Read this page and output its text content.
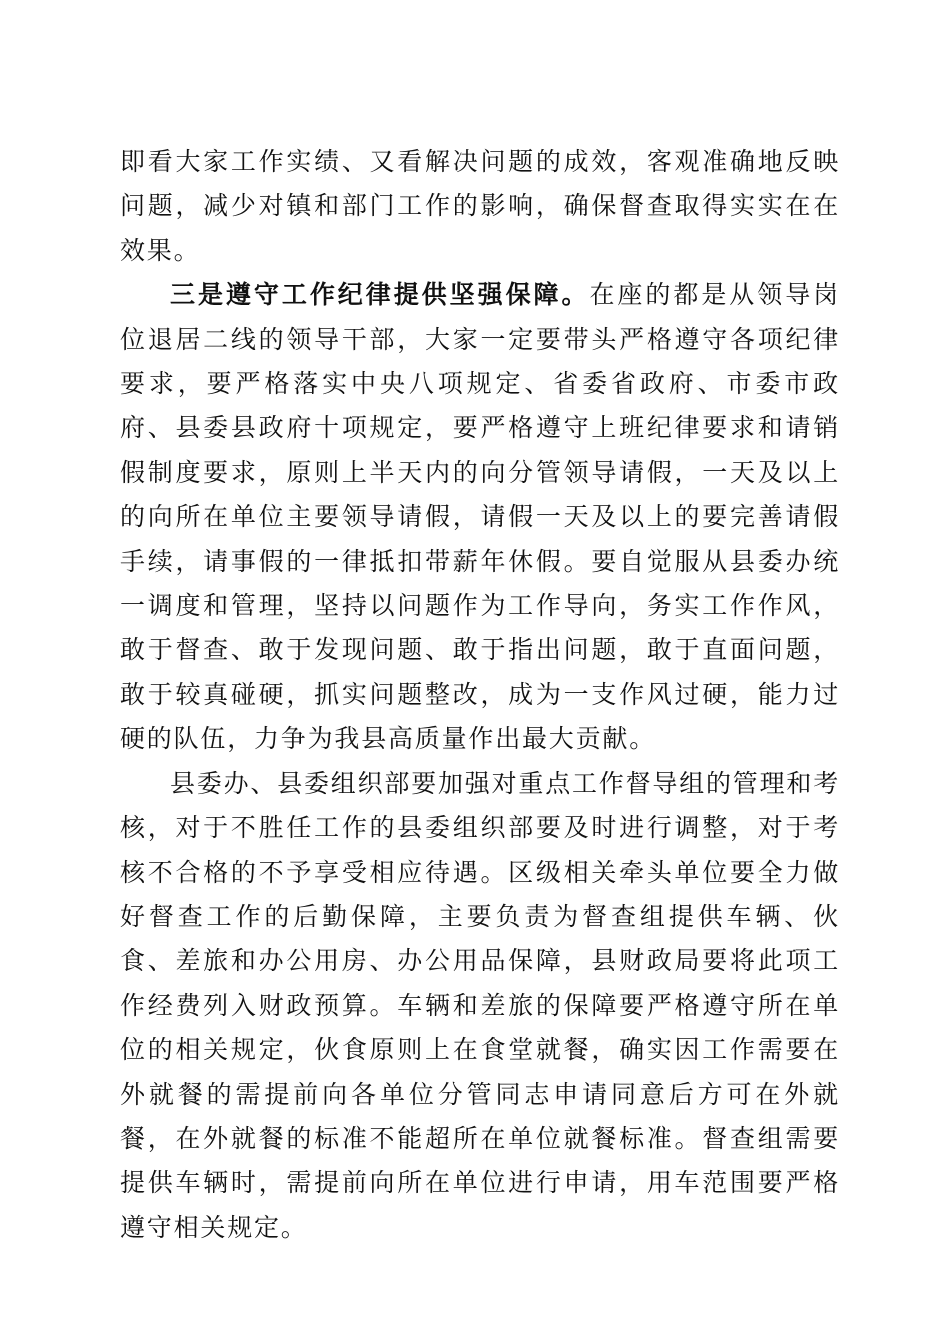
即看大家工作实绩、又看解决问题的成效，客观准确地反映问题，减少对镇和部门工作的影响，确保督查取得实实在在效果。

三是遵守工作纪律提供坚强保障。在座的都是从领导岗位退居二线的领导干部，大家一定要带头严格遵守各项纪律要求，要严格落实中央八项规定、省委省政府、市委市政府、县委县政府十项规定，要严格遵守上班纪律要求和请销假制度要求，原则上半天内的向分管领导请假，一天及以上的向所在单位主要领导请假，请假一天及以上的要完善请假手续，请事假的一律抵扣带薪年休假。要自觉服从县委办统一调度和管理，坚持以问题作为工作导向，务实工作作风，敢于督查、敢于发现问题、敢于指出问题，敢于直面问题，敢于较真碰硬，抓实问题整改，成为一支作风过硬，能力过硬的队伍，力争为我县高质量作出最大贡献。

县委办、县委组织部要加强对重点工作督导组的管理和考核，对于不胜任工作的县委组织部要及时进行调整，对于考核不合格的不予享受相应待遇。区级相关牵头单位要全力做好督查工作的后勤保障，主要负责为督查组提供车辆、伙食、差旅和办公用房、办公用品保障，县财政局要将此项工作经费列入财政预算。车辆和差旅的保障要严格遵守所在单位的相关规定，伙食原则上在食堂就餐，确实因工作需要在外就餐的需提前向各单位分管同志申请同意后方可在外就餐，在外就餐的标准不能超所在单位就餐标准。督查组需要提供车辆时，需提前向所在单位进行申请，用车范围要严格遵守相关规定。
